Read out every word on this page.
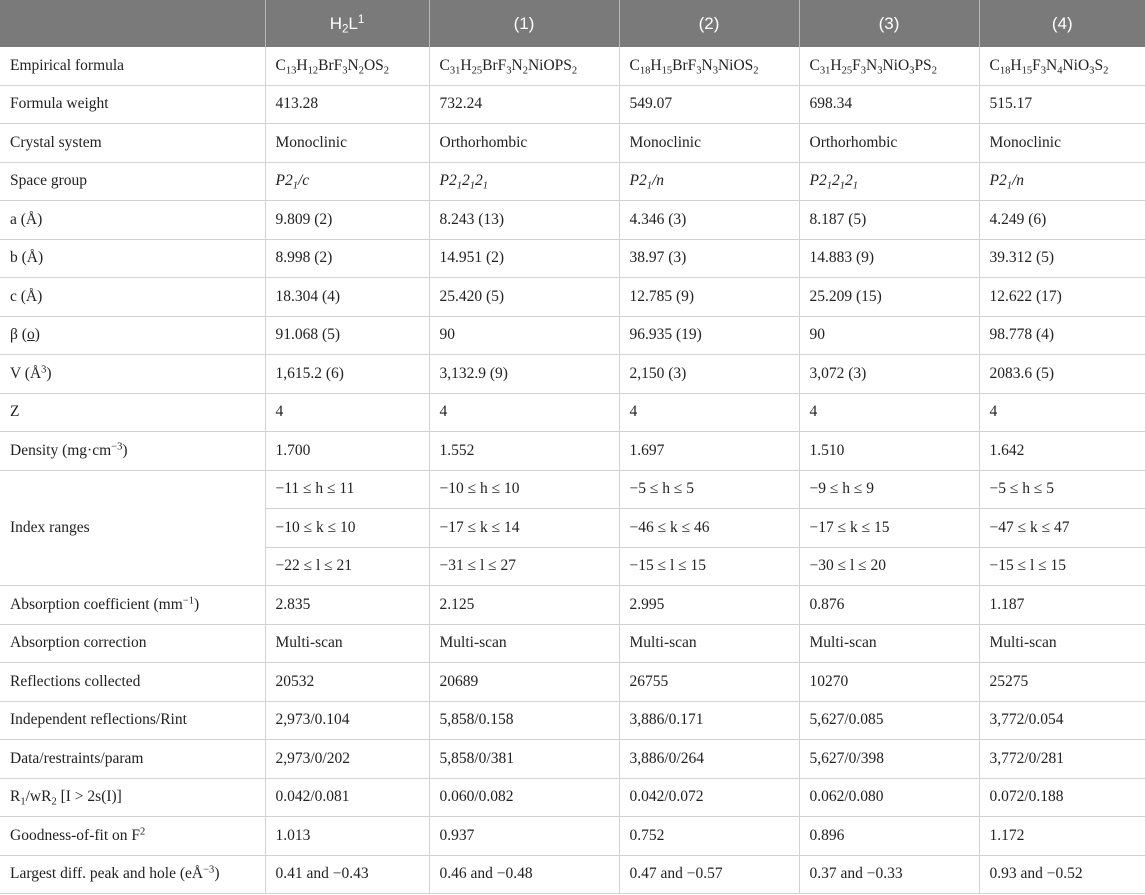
	$H_2L^1$	(1)	(2)	(3)	(4)
Empirical formula	$C_{13}H_{12}BrF_3N_2OS_2$	$C_{31}H_{25}BrF_3N_2NiOPS_2$	$C_{18}H_{15}BrF_3N_3NiOS_2$	$C_{31}H_{25}F_3N_3NiO_3PS_2$	$C_{18}H_{15}F_3N_4NiO_3S_2$
Formula weight	413.28	732.24	549.07	698.34	515.17
Crystal system	Monoclinic	Orthorhombic	Monoclinic	Orthorhombic	Monoclinic
Space group	$P2_1/c$	$P2_12_12_1$	$P2_1/n$	$P2_12_12_1$	$P2_1/n$
a (Å)	9.809 (2)	8.243 (13)	4.346 (3)	8.187 (5)	4.249 (6)
b (Å)	8.998 (2)	14.951 (2)	38.97 (3)	14.883 (9)	39.312 (5)
c (Å)	18.304 (4)	25.420 (5)	12.785 (9)	25.209 (15)	12.622 (17)
β (o)	91.068 (5)	90	96.935 (19)	90	98.778 (4)
V $(Å^3)$	1,615.2 (6)	3,132.9 (9)	2,150 (3)	3,072 (3)	2083.6 (5)
Z	4	4	4	4	4
Density $(mg\cdot cm^{-3})$	1.700	1.552	1.697	1.510	1.642
Index ranges	−11 ≤ h ≤ 11	−10 ≤ h ≤ 10	−5 ≤ h ≤ 5	−9 ≤ h ≤ 9	−5 ≤ h ≤ 5
	−10 ≤ k ≤ 10	−17 ≤ k ≤ 14	−46 ≤ k ≤ 46	−17 ≤ k ≤ 15	−47 ≤ k ≤ 47
	−22 ≤ l ≤ 21	−31 ≤ l ≤ 27	−15 ≤ l ≤ 15	−30 ≤ l ≤ 20	−15 ≤ l ≤ 15
Absorption coefficient $(mm^{-1})$	2.835	2.125	2.995	0.876	1.187
Absorption correction	Multi-scan	Multi-scan	Multi-scan	Multi-scan	Multi-scan
Reflections collected	20532	20689	26755	10270	25275
Independent reflections/Rint	2,973/0.104	5,858/0.158	3,886/0.171	5,627/0.085	3,772/0.054
Data/restraints/param	2,973/0/202	5,858/0/381	3,886/0/264	5,627/0/398	3,772/0/281
$R_1/wR_2$ [I > 2s(I)]	0.042/0.081	0.060/0.082	0.042/0.072	0.062/0.080	0.072/0.188
Goodness-of-fit on $F^2$	1.013	0.937	0.752	0.896	1.172
Largest diff. peak and hole $(eÅ^{-3})$	0.41 and −0.43	0.46 and −0.48	0.47 and −0.57	0.37 and −0.33	0.93 and −0.52
